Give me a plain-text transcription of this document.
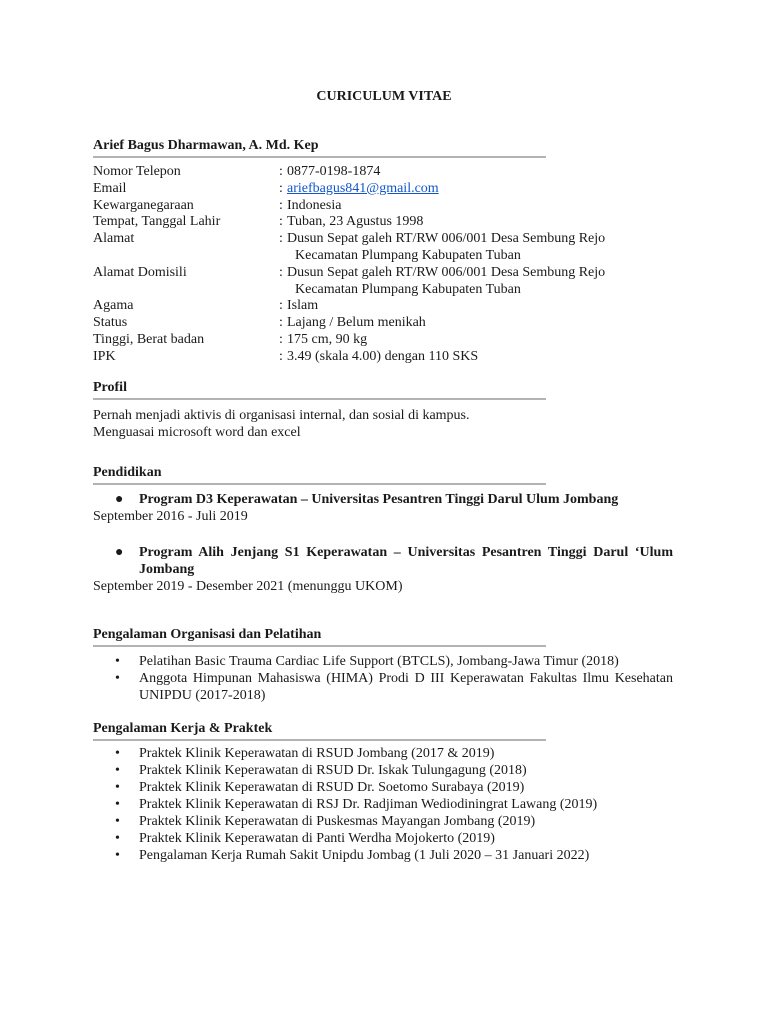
CURICULUM VITAE
Arief Bagus Dharmawan, A. Md. Kep
Nomor Telepon	: 0877-0198-1874
Email	: ariefbagus841@gmail.com
Kewarganegaraan	: Indonesia
Tempat, Tanggal Lahir	: Tuban, 23 Agustus 1998
Alamat	: Dusun Sepat galeh RT/RW 006/001 Desa Sembung Rejo
Kecamatan Plumpang Kabupaten Tuban
Alamat Domisili	: Dusun Sepat galeh RT/RW 006/001 Desa Sembung Rejo
Kecamatan Plumpang Kabupaten Tuban
Agama	: Islam
Status	: Lajang / Belum menikah
Tinggi, Berat badan	: 175 cm, 90 kg
IPK	: 3.49 (skala 4.00) dengan 110 SKS
Profil
Pernah menjadi aktivis di organisasi internal, dan sosial di kampus.
Menguasai microsoft word dan excel
Pendidikan
● Program D3 Keperawatan – Universitas Pesantren Tinggi Darul Ulum Jombang
September 2016 - Juli 2019
● Program Alih Jenjang S1 Keperawatan – Universitas Pesantren Tinggi Darul ‘Ulum Jombang
September 2019 - Desember 2021 (menunggu UKOM)
Pengalaman Organisasi dan Pelatihan
• Pelatihan Basic Trauma Cardiac Life Support (BTCLS), Jombang-Jawa Timur (2018)
• Anggota Himpunan Mahasiswa (HIMA) Prodi D III Keperawatan Fakultas Ilmu Kesehatan UNIPDU (2017-2018)
Pengalaman Kerja & Praktek
• Praktek Klinik Keperawatan di RSUD Jombang (2017 & 2019)
• Praktek Klinik Keperawatan di RSUD Dr. Iskak Tulungagung (2018)
• Praktek Klinik Keperawatan di RSUD Dr. Soetomo Surabaya (2019)
• Praktek Klinik Keperawatan di RSJ Dr. Radjiman Wediodiningrat Lawang (2019)
• Praktek Klinik Keperawatan di Puskesmas Mayangan Jombang (2019)
• Praktek Klinik Keperawatan di Panti Werdha Mojokerto (2019)
• Pengalaman Kerja Rumah Sakit Unipdu Jombag (1 Juli 2020 – 31 Januari 2022)
